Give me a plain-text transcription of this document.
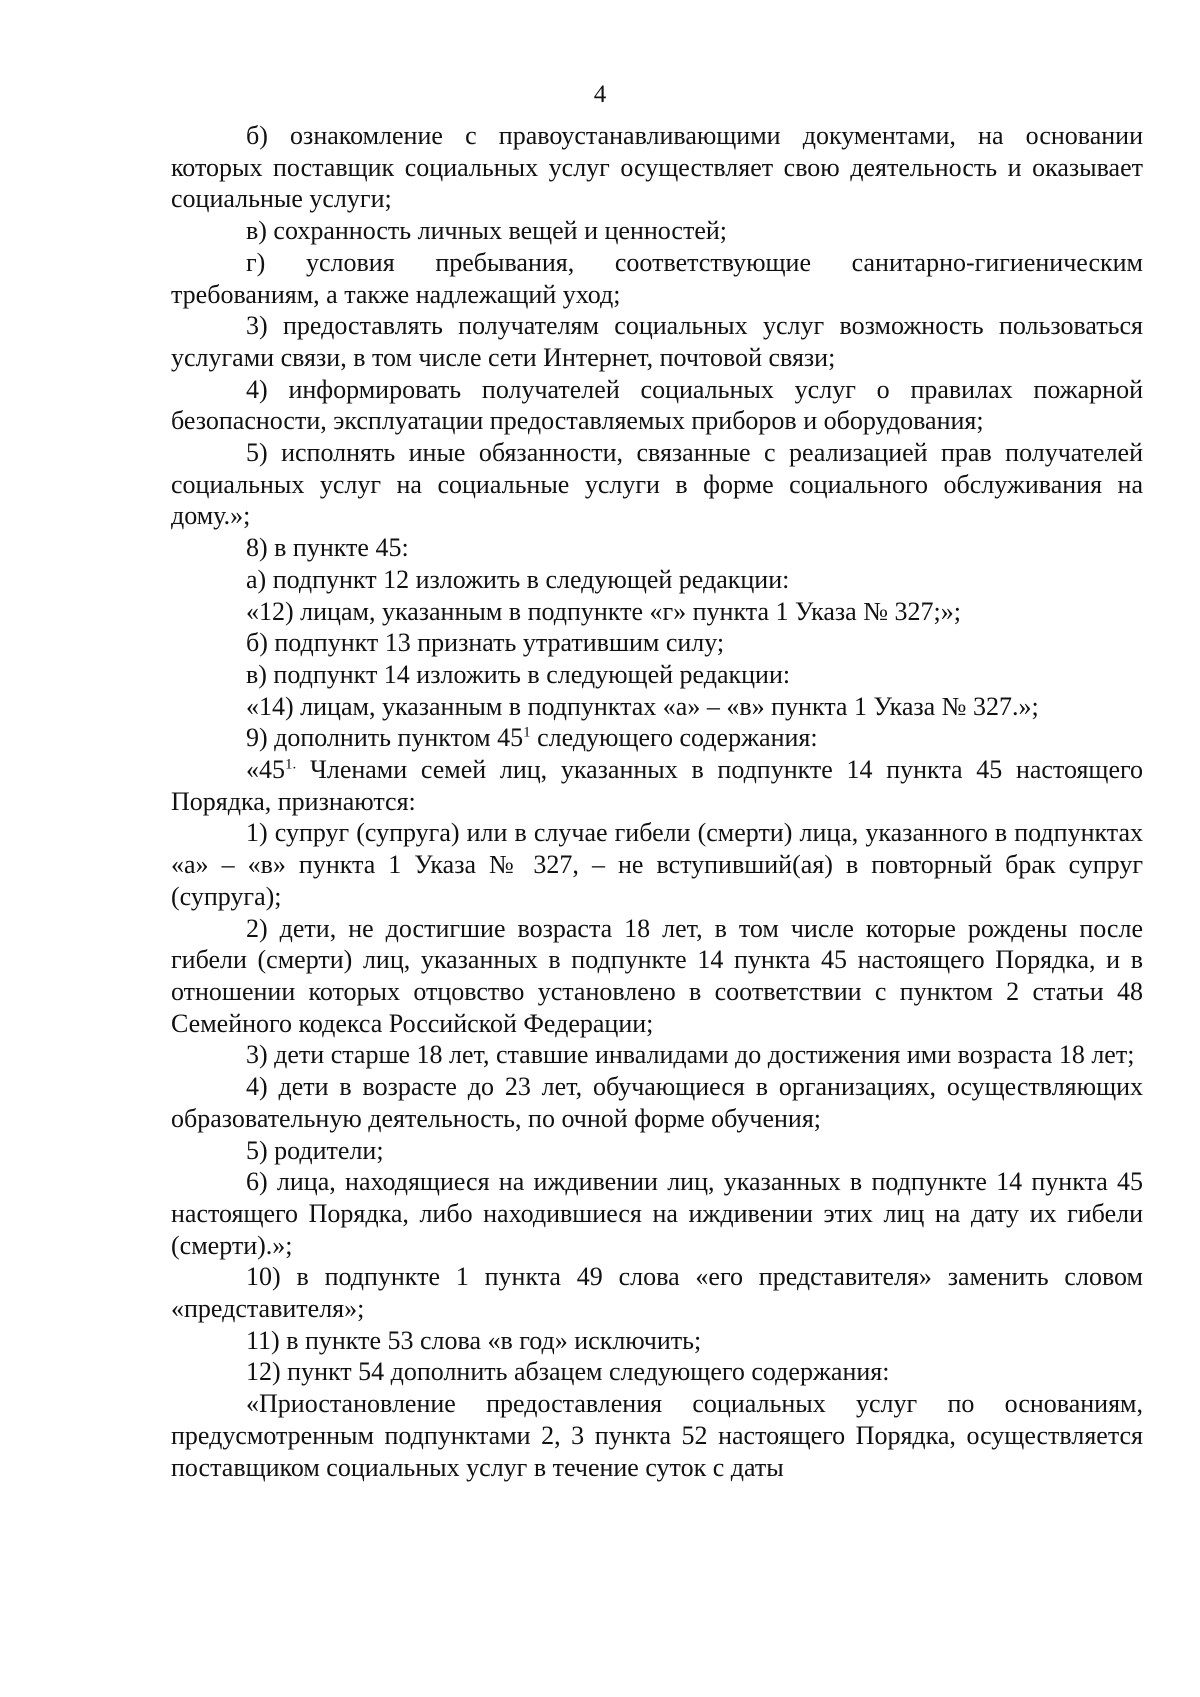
4

б) ознакомление с правоустанавливающими документами, на основании которых поставщик социальных услуг осуществляет свою деятельность и оказывает социальные услуги;

в) сохранность личных вещей и ценностей;

г) условия пребывания, соответствующие санитарно-гигиеническим требованиям, а также надлежащий уход;

3) предоставлять получателям социальных услуг возможность пользоваться услугами связи, в том числе сети Интернет, почтовой связи;

4) информировать получателей социальных услуг о правилах пожарной безопасности, эксплуатации предоставляемых приборов и оборудования;

5) исполнять иные обязанности, связанные с реализацией прав получателей социальных услуг на социальные услуги в форме социального обслуживания на дому.»;

8) в пункте 45:

а) подпункт 12 изложить в следующей редакции:

«12) лицам, указанным в подпункте «г» пункта 1 Указа № 327;»;

б) подпункт 13 признать утратившим силу;

в) подпункт 14 изложить в следующей редакции:

«14) лицам, указанным в подпунктах «а» – «в» пункта 1 Указа № 327.»;

9) дополнить пунктом $45^1$ следующего содержания:

«$45^{1.}$ Членами семей лиц, указанных в подпункте 14 пункта 45 настоящего Порядка, признаются:

1) супруг (супруга) или в случае гибели (смерти) лица, указанного в подпунктах «а» – «в» пункта 1 Указа № 327, – не вступивший(ая) в повторный брак супруг (супруга);

2) дети, не достигшие возраста 18 лет, в том числе которые рождены после гибели (смерти) лиц, указанных в подпункте 14 пункта 45 настоящего Порядка, и в отношении которых отцовство установлено в соответствии с пунктом 2 статьи 48 Семейного кодекса Российской Федерации;

3) дети старше 18 лет, ставшие инвалидами до достижения ими возраста 18 лет;

4) дети в возрасте до 23 лет, обучающиеся в организациях, осуществляющих образовательную деятельность, по очной форме обучения;

5) родители;

6) лица, находящиеся на иждивении лиц, указанных в подпункте 14 пункта 45 настоящего Порядка, либо находившиеся на иждивении этих лиц на дату их гибели (смерти).»;

10) в подпункте 1 пункта 49 слова «его представителя» заменить словом «представителя»;

11) в пункте 53 слова «в год» исключить;

12) пункт 54 дополнить абзацем следующего содержания:

«Приостановление предоставления социальных услуг по основаниям, предусмотренным подпунктами 2, 3 пункта 52 настоящего Порядка, осуществляется поставщиком социальных услуг в течение суток с даты
